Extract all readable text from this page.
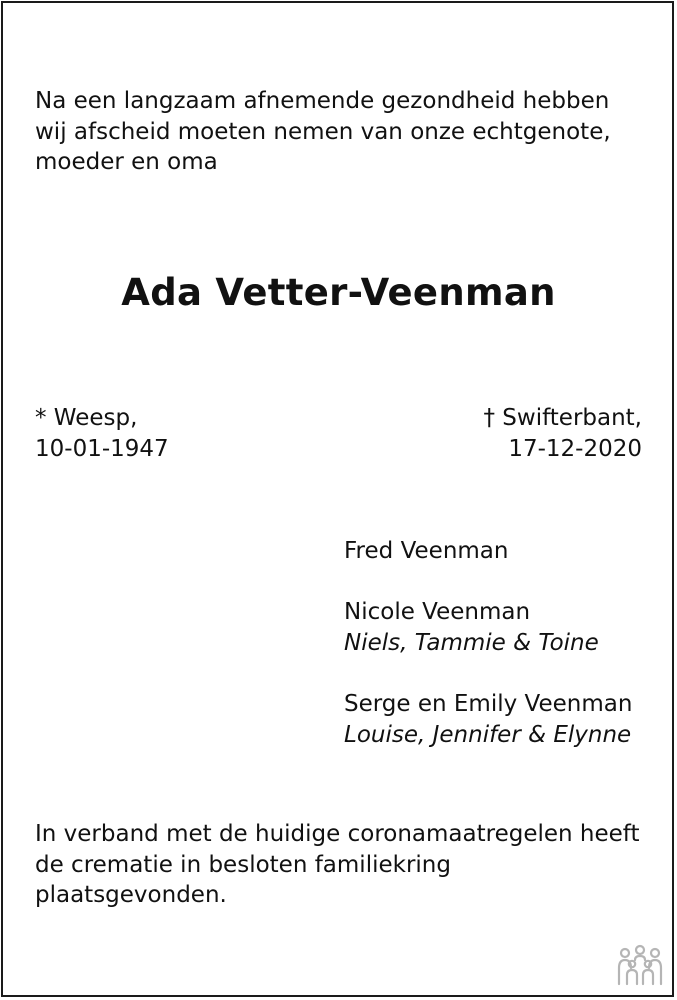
Na een langzaam afnemende gezondheid hebben
wij afscheid moeten nemen van onze echtgenote,
moeder en oma
Ada Vetter-Veenman
* Weesp,
10-01-1947
† Swifterbant,
17-12-2020
Fred Veenman
Nicole Veenman
Niels, Tammie & Toine
Serge en Emily Veenman
Louise, Jennifer & Elynne
In verband met de huidige coronamaatregelen heeft
de crematie in besloten familiekring
plaatsgevonden.
